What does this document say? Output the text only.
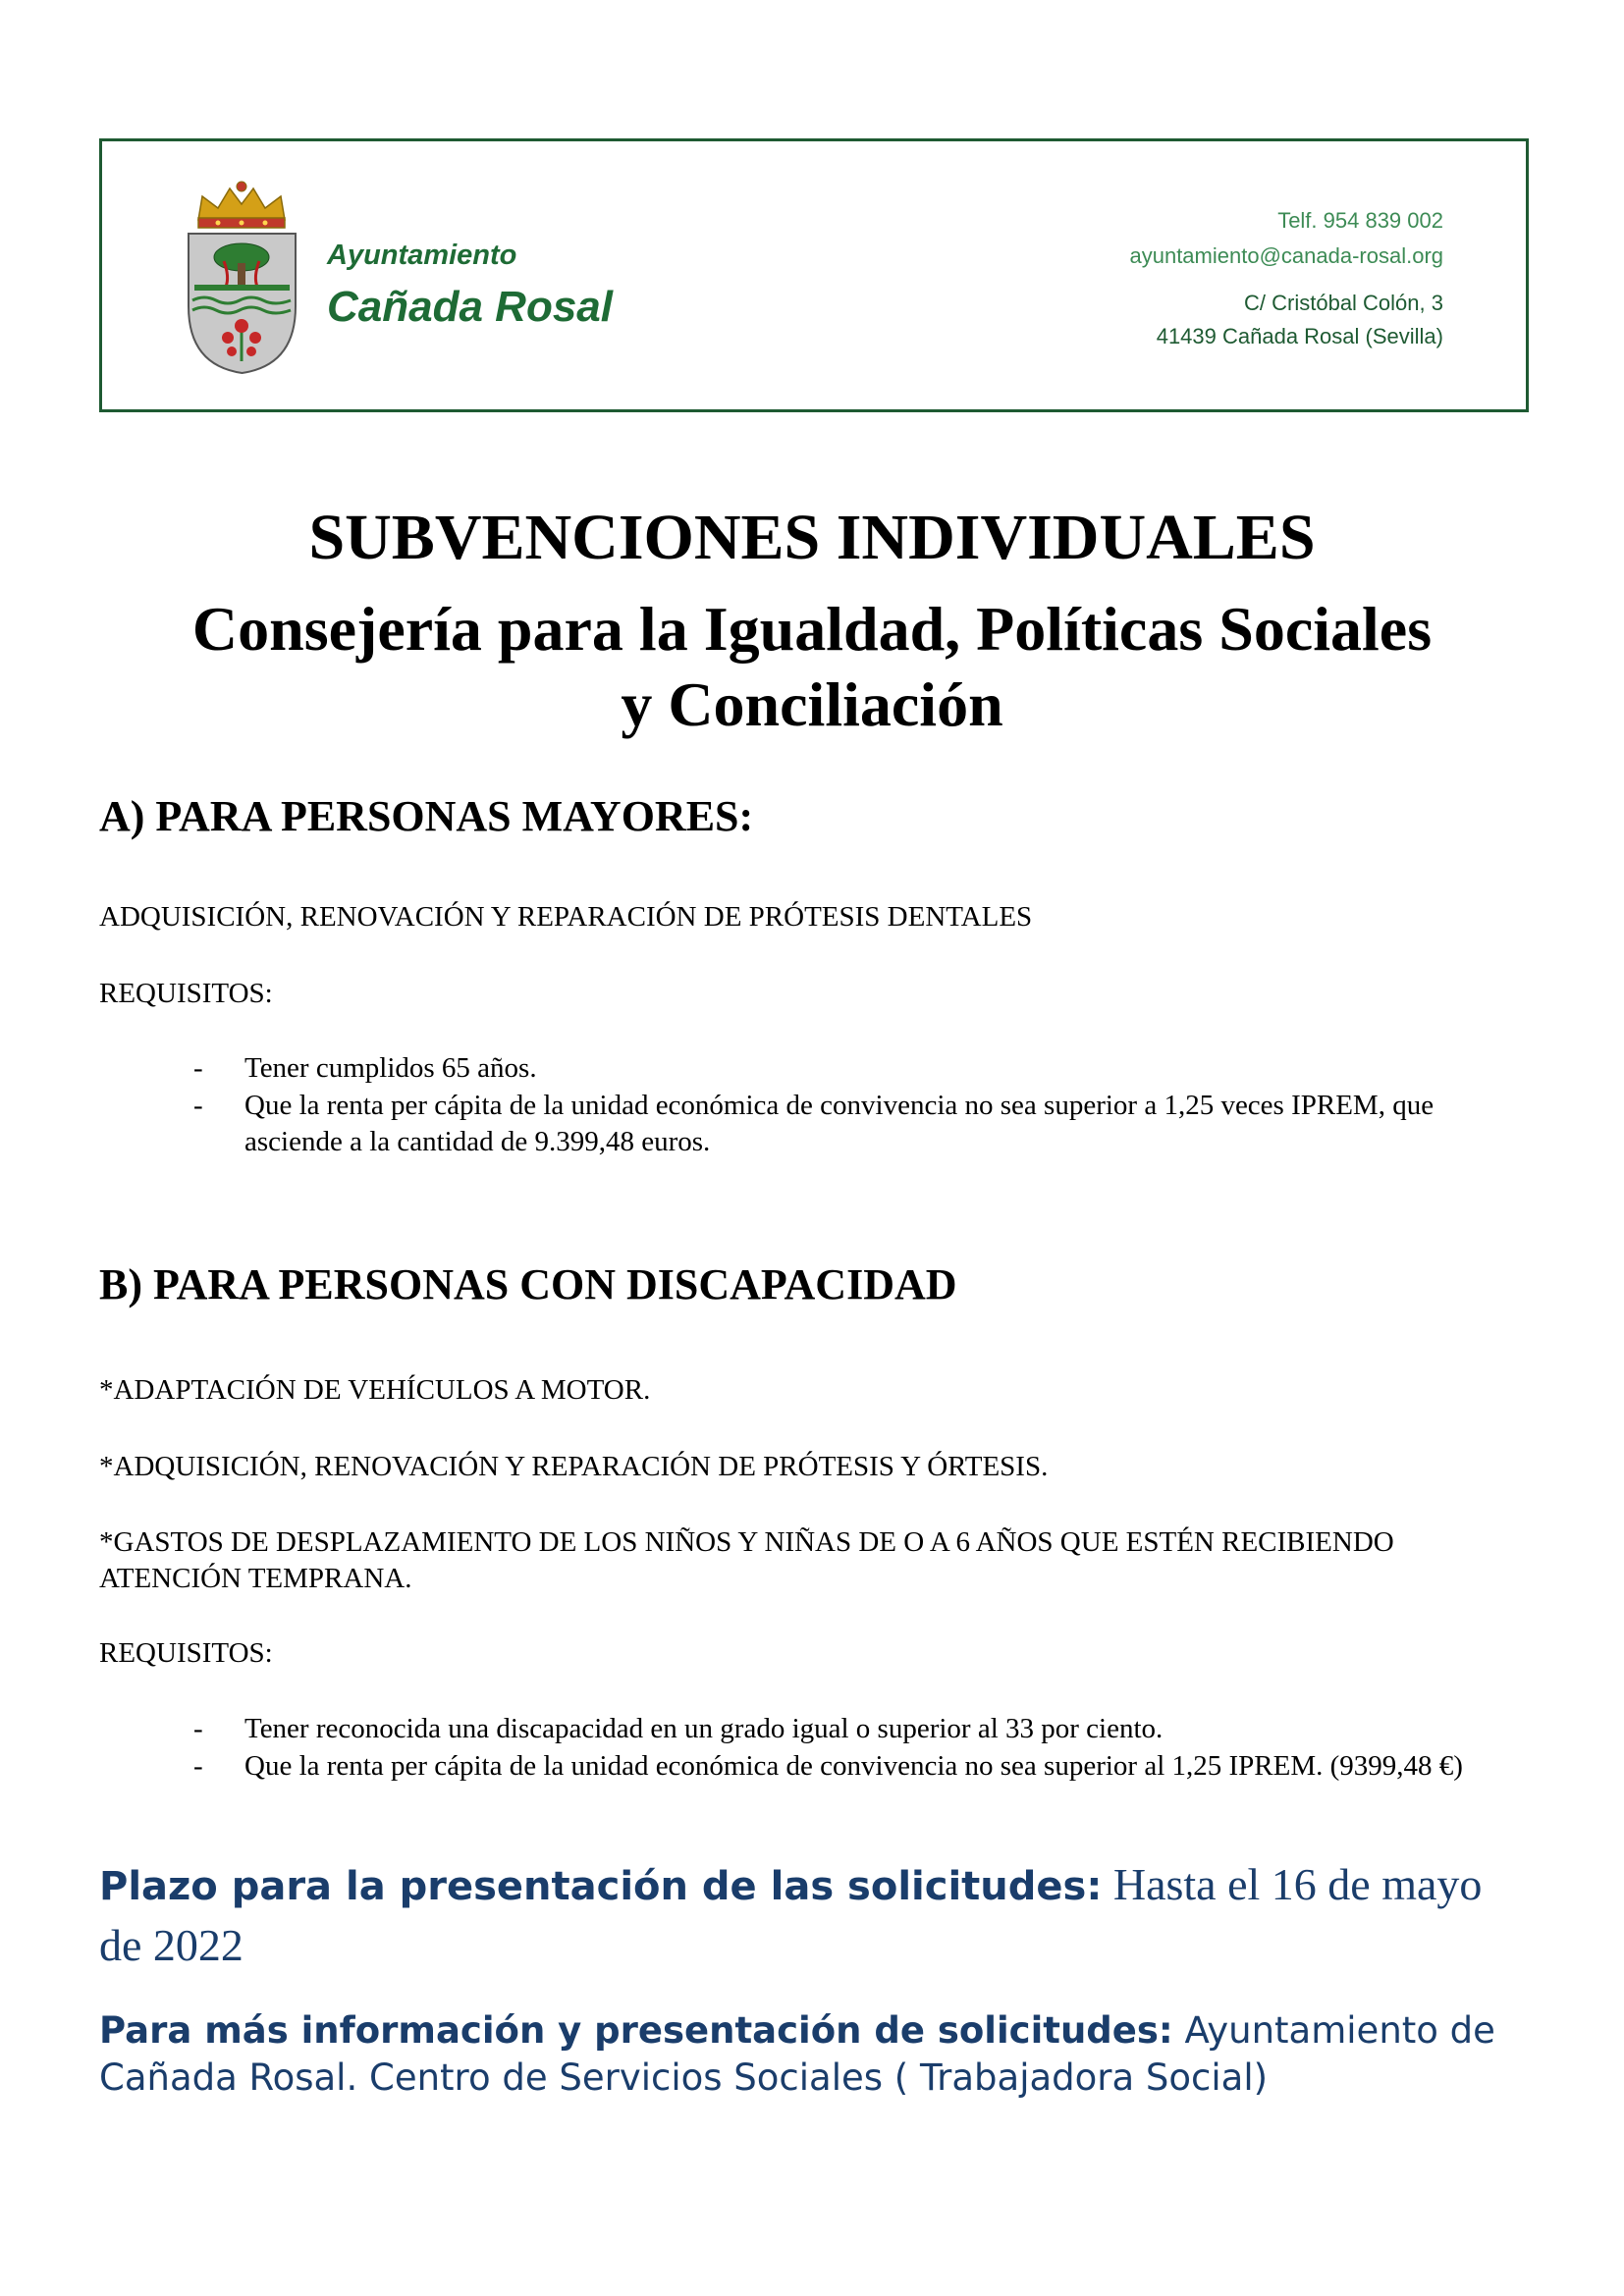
Ayuntamiento
Cañada Rosal
Telf. 954 839 002
ayuntamiento@canada-rosal.org
C/ Cristóbal Colón, 3
41439 Cañada Rosal (Sevilla)
SUBVENCIONES INDIVIDUALES
Consejería para la Igualdad, Políticas Sociales
y Conciliación
A) PARA PERSONAS MAYORES:
ADQUISICIÓN, RENOVACIÓN Y REPARACIÓN DE PRÓTESIS DENTALES
REQUISITOS:
- Tener cumplidos 65 años.
- Que la renta per cápita de la unidad económica de convivencia no sea superior a 1,25 veces IPREM, que asciende a la cantidad de 9.399,48 euros.
B) PARA PERSONAS CON DISCAPACIDAD
*ADAPTACIÓN DE VEHÍCULOS A MOTOR.
*ADQUISICIÓN, RENOVACIÓN Y REPARACIÓN DE PRÓTESIS Y ÓRTESIS.
*GASTOS DE DESPLAZAMIENTO DE LOS NIÑOS Y NIÑAS DE O A 6 AÑOS QUE ESTÉN RECIBIENDO ATENCIÓN TEMPRANA.
REQUISITOS:
- Tener reconocida una discapacidad en un grado igual o superior al 33 por ciento.
- Que la renta per cápita de la unidad económica de convivencia no sea superior al 1,25 IPREM. (9399,48 €)
Plazo para la presentación de las solicitudes: Hasta el 16 de mayo de 2022
Para más información y presentación de solicitudes: Ayuntamiento de Cañada Rosal. Centro de Servicios Sociales ( Trabajadora Social)
